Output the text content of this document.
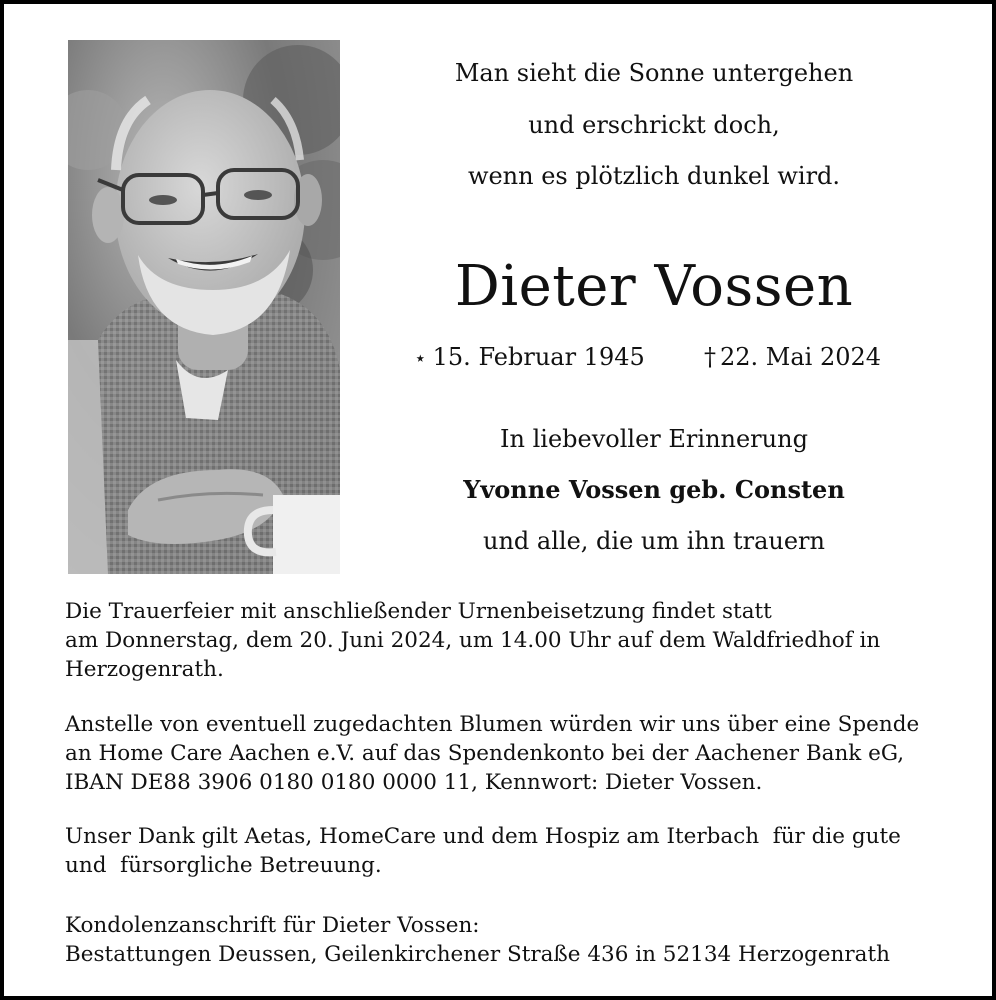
Man sieht die Sonne untergehen
und erschrickt doch,
wenn es plötzlich dunkel wird.
Dieter Vossen
⭑ 15. Februar 1945 † 22. Mai 2024
In liebevoller Erinnerung
Yvonne Vossen geb. Consten
und alle, die um ihn trauern
Die Trauerfeier mit anschließender Urnenbeisetzung findet statt
am Donnerstag, dem 20. Juni 2024, um 14.00 Uhr auf dem Waldfriedhof in
Herzogenrath.
Anstelle von eventuell zugedachten Blumen würden wir uns über eine Spende
an Home Care Aachen e.V. auf das Spendenkonto bei der Aachener Bank eG,
IBAN DE88 3906 0180 0180 0000 11, Kennwort: Dieter Vossen.
Unser Dank gilt Aetas, HomeCare und dem Hospiz am Iterbach  für die gute
und  fürsorgliche Betreuung.
Kondolenzanschrift für Dieter Vossen:
Bestattungen Deussen, Geilenkirchener Straße 436 in 52134 Herzogenrath
